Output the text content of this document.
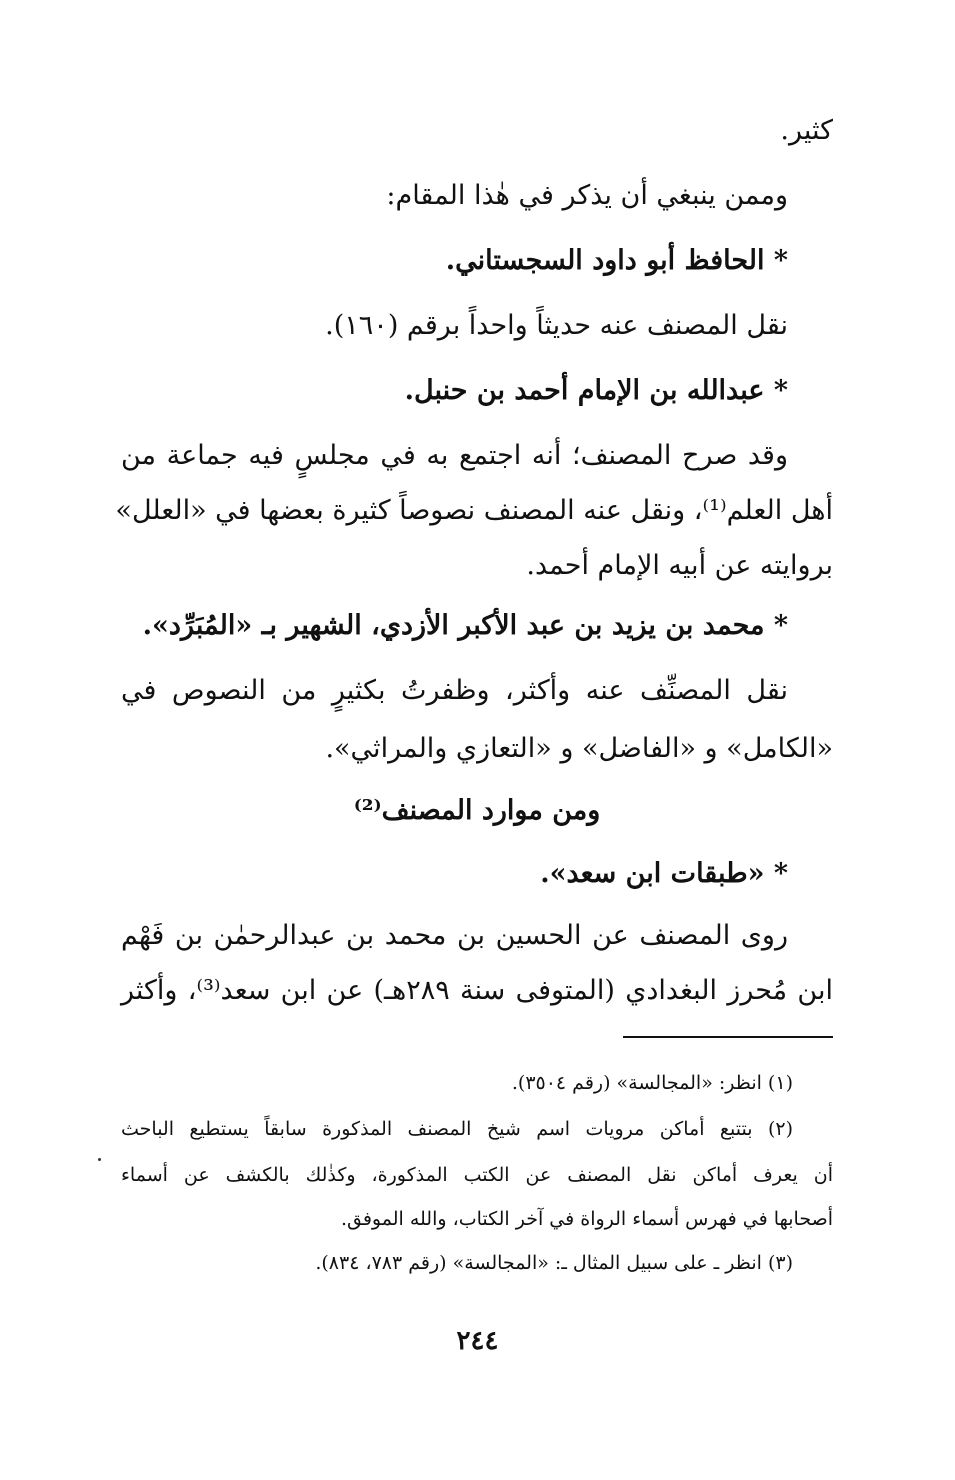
كثير.
وممن ينبغي أن يذكر في هٰذا المقام:
* الحافظ أبو داود السجستاني.
نقل المصنف عنه حديثاً واحداً برقم (١٦٠).
* عبدالله بن الإمام أحمد بن حنبل.
وقد صرح المصنف؛ أنه اجتمع به في مجلسٍ فيه جماعة من
أهل العلم⁽¹⁾، ونقل عنه المصنف نصوصاً كثيرة بعضها في «العلل»
بروايته عن أبيه الإمام أحمد.
* محمد بن يزيد بن عبد الأكبر الأزدي، الشهير بـ «المُبَرِّد».
نقل المصنِّف عنه وأكثر، وظفرتُ بكثيرٍ من النصوص في
«الكامل» و «الفاضل» و «التعازي والمراثي».
ومن موارد المصنف⁽²⁾
* «طبقات ابن سعد».
روى المصنف عن الحسين بن محمد بن عبدالرحمٰن بن فَهْم
ابن مُحرز البغدادي (المتوفى سنة ٢٨٩هـ) عن ابن سعد⁽³⁾، وأكثر
(١) انظر: «المجالسة» (رقم ٣٥٠٤).
(٢) بتتبع أماكن مرويات اسم شيخ المصنف المذكورة سابقاً يستطيع الباحث
أن يعرف أماكن نقل المصنف عن الكتب المذكورة، وكذٰلك بالكشف عن أسماء
أصحابها في فهرس أسماء الرواة في آخر الكتاب، والله الموفق.
(٣) انظر ـ على سبيل المثال ـ: «المجالسة» (رقم ٧٨٣، ٨٣٤).
٢٤٤
